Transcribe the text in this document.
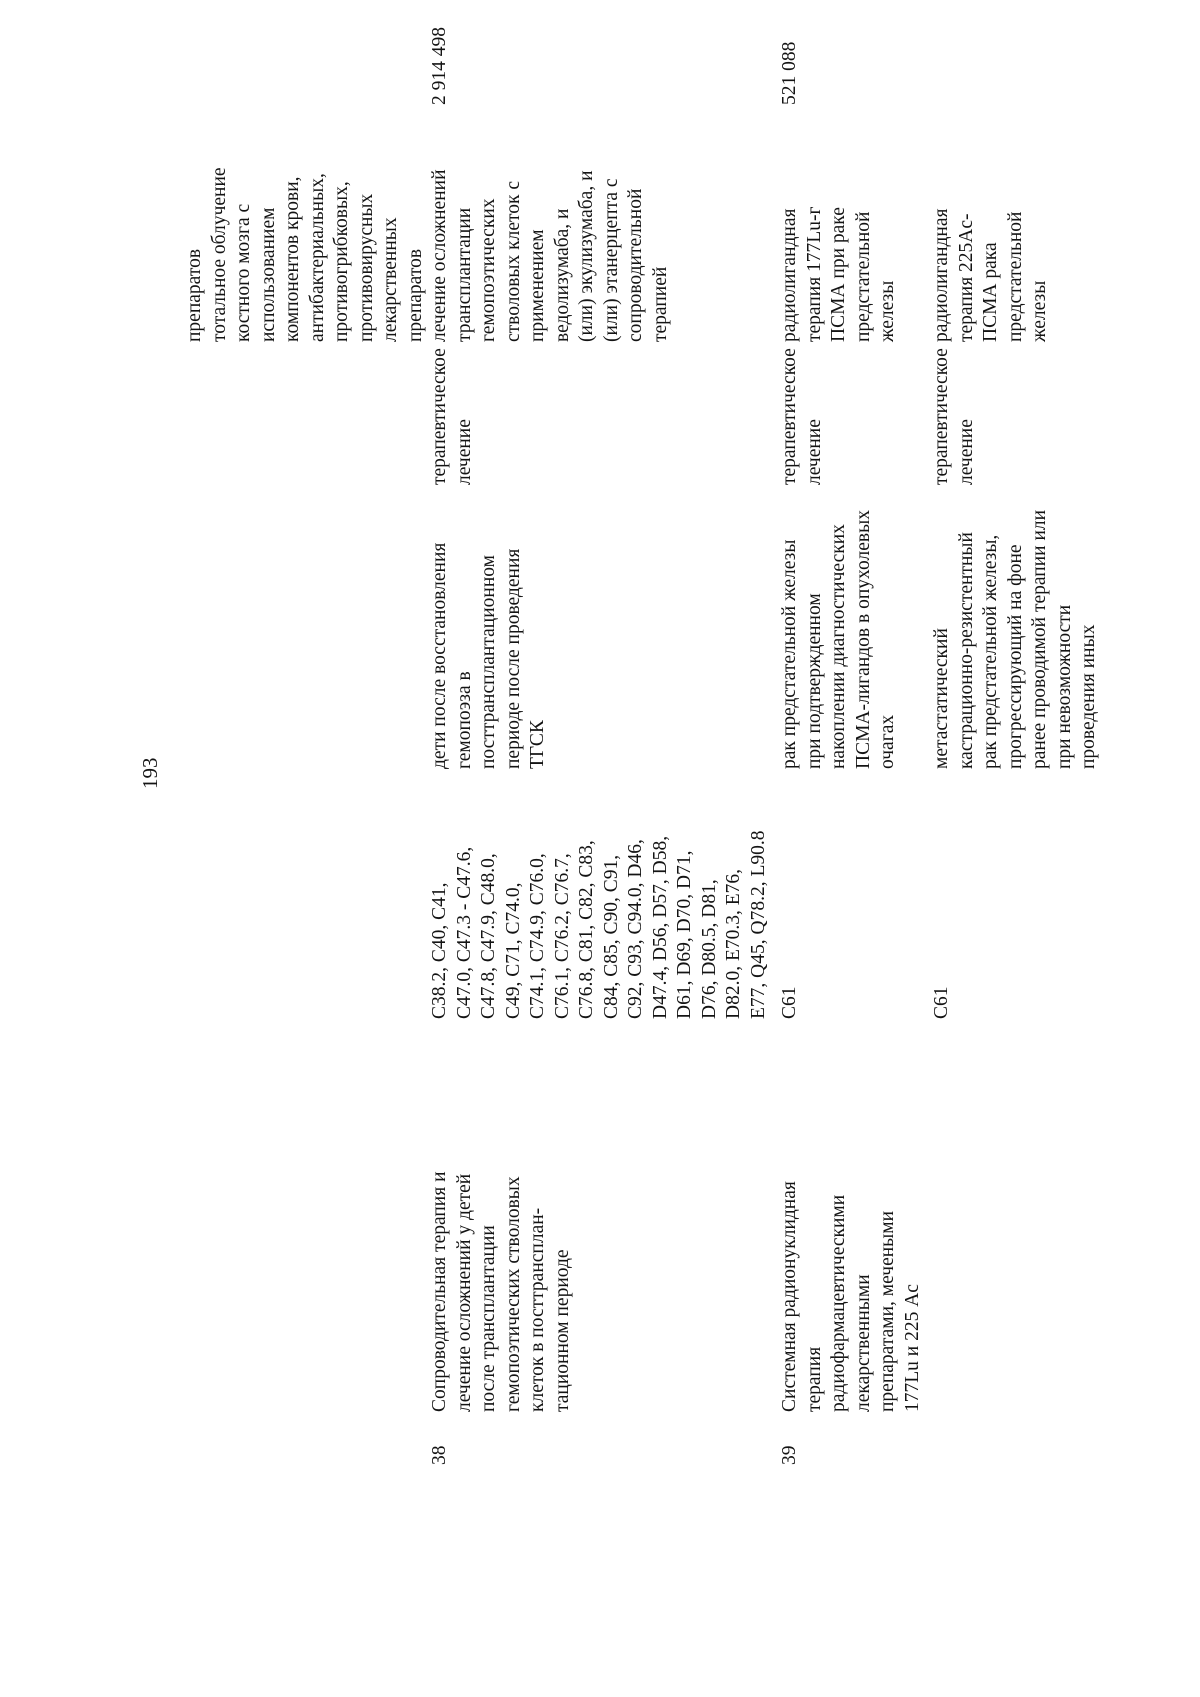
193
препаратов тотальное облучение костного мозга с использованием компонентов крови, антибактериальных, противогрибковых, противовирусных лекарственных препаратов
38
Сопроводительная терапия и лечение осложнений у детей после трансплантации гемопоэтических стволовых клеток в посттрансплан- тационном периоде
C38.2, C40, C41, C47.0, C47.3 - C47.6, C47.8, C47.9, C48.0, C49, C71, C74.0, C74.1, C74.9, C76.0, C76.1, C76.2, C76.7, C76.8, C81, C82, C83, C84, C85, C90, C91, C92, C93, C94.0, D46, D47.4, D56, D57, D58, D61, D69, D70, D71, D76, D80.5, D81, D82.0, E70.3, E76, E77, Q45, Q78.2, L90.8
дети после восстановления гемопоэза в посттрансплантационном периоде после проведения ТГСК
терапевтическое лечение
лечение осложнений трансплантации гемопоэтических стволовых клеток с применением ведолизумаба, и (или) экулизумаба, и (или) этанерцепта с сопроводительной терапией
2 914 498
39
Системная радионуклидная терапия радиофармацевтическими лекарственными препаратами, мечеными 177Lu и 225 Ac
C61
рак предстательной железы при подтвержденном накоплении диагностических ПСМА-лигандов в опухолевых очагах
терапевтическое лечение
радиолигандная терапия 177Lu-г ПСМА при раке предстательной железы
521 088
C61
метастатический кастрационно-резистентный рак предстательной железы, прогрессирующий на фоне ранее проводимой терапии или при невозможности проведения иных
терапевтическое лечение
радиолигандная терапия 225Ac- ПСМА рака предстательной железы
